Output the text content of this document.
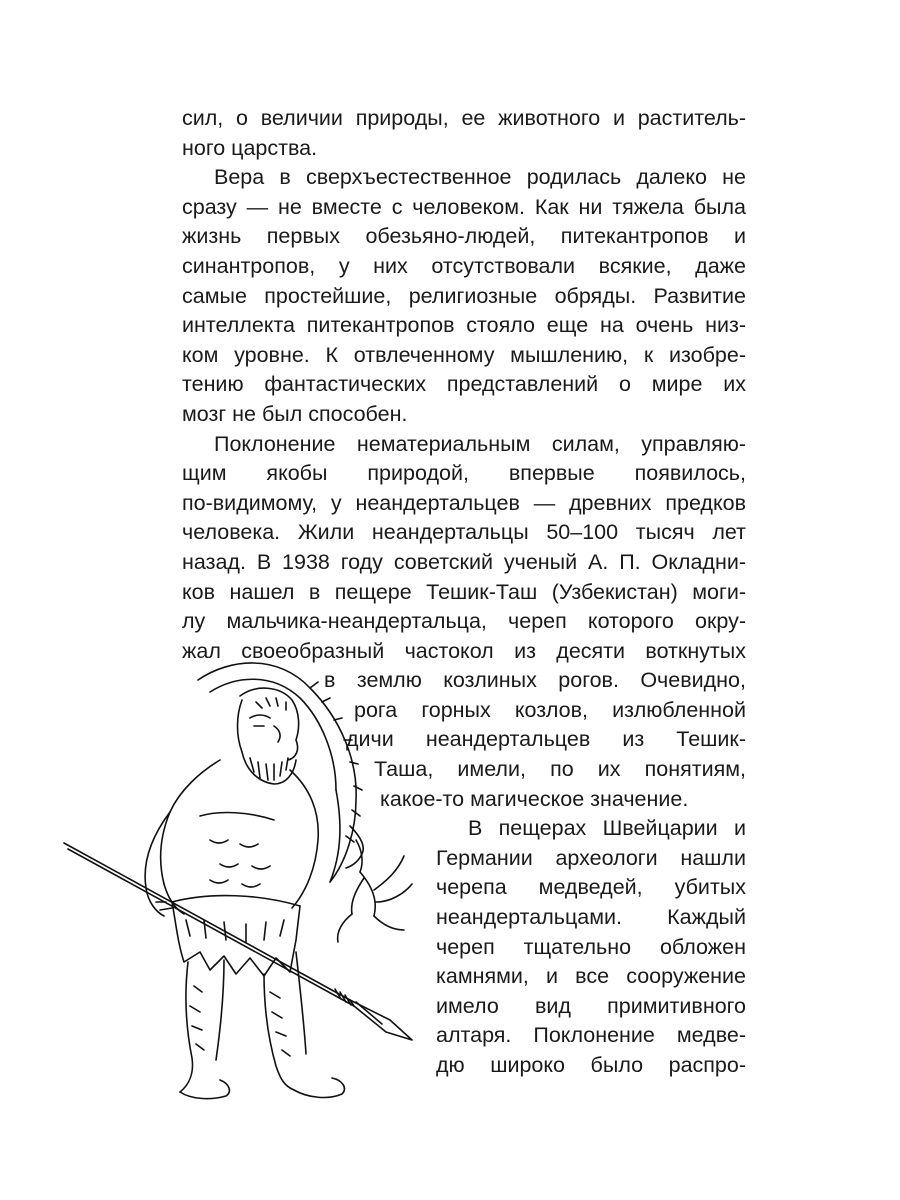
сил, о величии природы, ее животного и раститель-
ного царства.
Вера в сверхъестественное родилась далеко не
сразу — не вместе с человеком. Как ни тяжела была
жизнь первых обезьяно-людей, питекантропов и
синантропов, у них отсутствовали всякие, даже
самые простейшие, религиозные обряды. Развитие
интеллекта питекантропов стояло еще на очень низ-
ком уровне. К отвлеченному мышлению, к изобре-
тению фантастических представлений о мире их
мозг не был способен.
Поклонение нематериальным силам, управляю-
щим якобы природой, впервые появилось,
по-видимому, у неандертальцев — древних предков
человека. Жили неандертальцы 50–100 тысяч лет
назад. В 1938 году советский ученый А. П. Окладни-
ков нашел в пещере Тешик-Таш (Узбекистан) моги-
лу мальчика-неандертальца, череп которого окру-
жал своеобразный частокол из десяти воткнутых
в землю козлиных рогов. Очевидно,
рога горных козлов, излюбленной
дичи неандертальцев из Тешик-
Таша, имели, по их понятиям,
какое-то магическое значение.
В пещерах Швейцарии и
Германии археологи нашли
черепа медведей, убитых
неандертальцами. Каждый
череп тщательно обложен
камнями, и все сооружение
имело вид примитивного
алтаря. Поклонение медве-
дю широко было распро-
